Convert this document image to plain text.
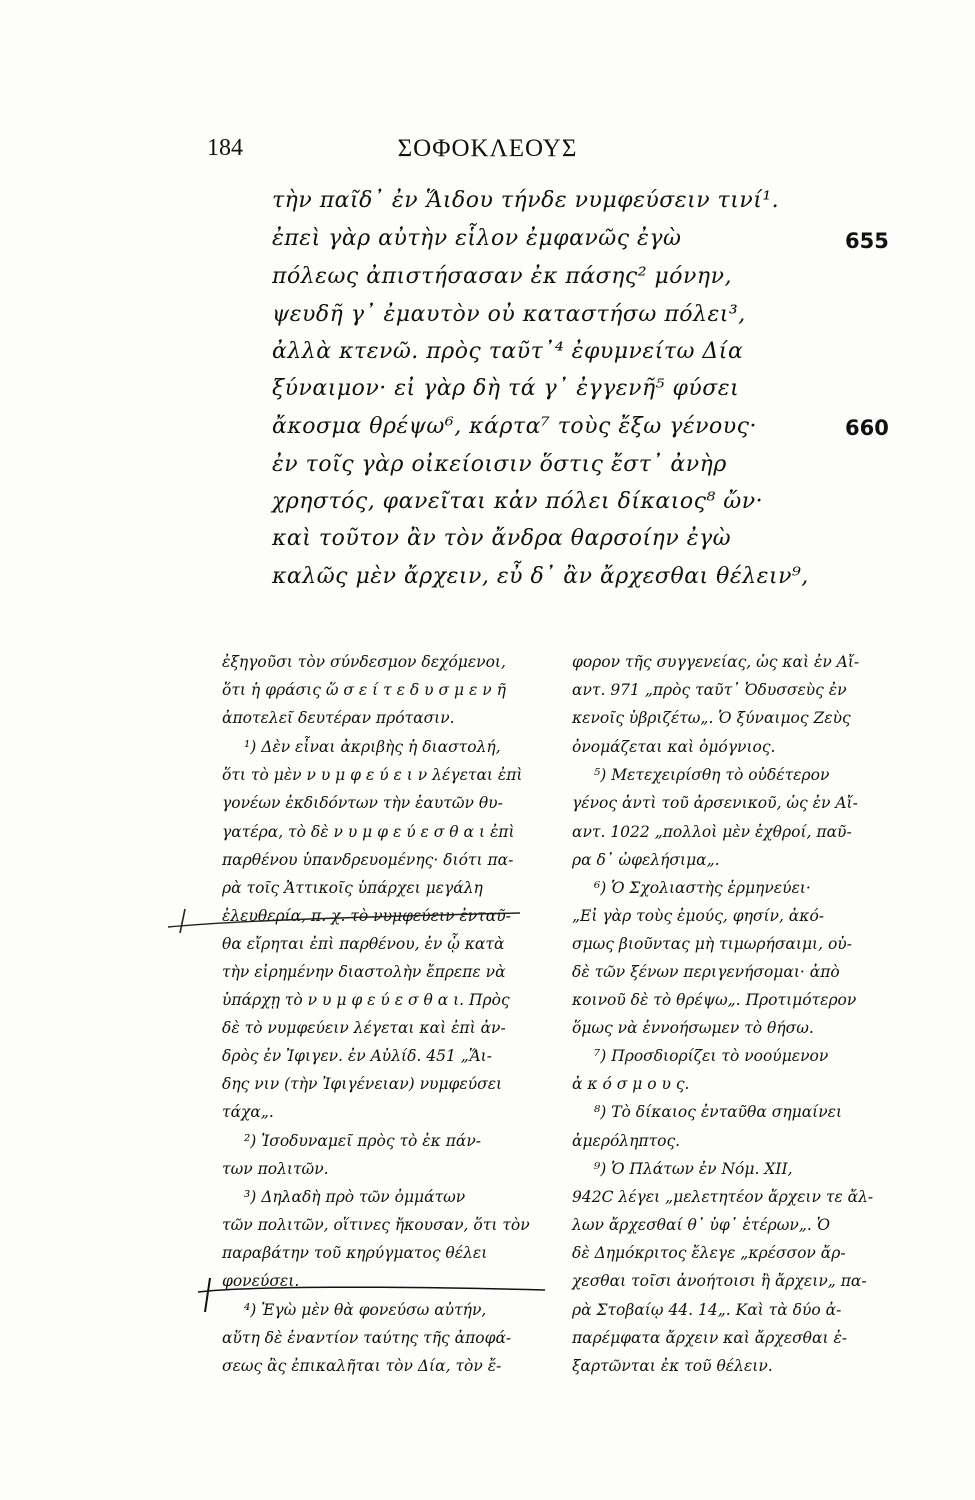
184	ΣΟΦΟΚΛΕΟΥΣ
τὴν παῖδ᾿ ἐν Ἅιδου τήνδε νυμφεύσειν τινί¹.
ἐπεὶ γὰρ αὐτὴν εἷλον ἐμφανῶς ἐγὼ
πόλεως ἀπιστήσασαν ἐκ πάσης² μόνην,
ψευδῆ γ᾿ ἐμαυτὸν οὐ καταστήσω πόλει³,
ἀλλὰ κτενῶ. πρὸς ταῦτ᾿⁴ ἐφυμνείτω Δία
ξύναιμον· εἰ γὰρ δὴ τά γ᾿ ἐγγενῆ⁵ φύσει
ἄκοσμα θρέψω⁶, κάρτα⁷ τοὺς ἔξω γένους·
ἐν τοῖς γὰρ οἰκείοισιν ὅστις ἔστ᾿ ἀνὴρ
χρηστός, φανεῖται κἀν πόλει δίκαιος⁸ ὤν·
καὶ τοῦτον ἂν τὸν ἄνδρα θαρσοίην ἐγὼ
καλῶς μὲν ἄρχειν, εὖ δ᾿ ἂν ἄρχεσθαι θέλειν⁹,
655
660
ἐξηγοῦσι τὸν σύνδεσμον δεχόμενοι,
ὅτι ἡ φράσις ὥ σ ε ί τ ε δ υ σ μ ε ν ῆ
ἀποτελεῖ δευτέραν πρότασιν.
¹) Δὲν εἶναι ἀκριβὴς ἡ διαστολή,
ὅτι τὸ μὲν ν υ μ φ ε ύ ε ι ν λέγεται ἐπὶ
γονέων ἐκδιδόντων τὴν ἑαυτῶν θυ-
γατέρα, τὸ δὲ ν υ μ φ ε ύ ε σ θ α ι ἐπὶ
παρθένου ὑπανδρευομένης· διότι πα-
ρὰ τοῖς Ἀττικοῖς ὑπάρχει μεγάλη
ἐλευθερία, π. χ. τὸ νυμφεύειν ἐνταῦ-
θα εἴρηται ἐπὶ παρθένου, ἐν ᾧ κατὰ
τὴν εἰρημένην διαστολὴν ἔπρεπε νὰ
ὑπάρχῃ τὸ ν υ μ φ ε ύ ε σ θ α ι. Πρὸς
δὲ τὸ νυμφεύειν λέγεται καὶ ἐπὶ ἀν-
δρὸς ἐν Ἰφιγεν. ἐν Αὐλίδ. 451 „Ἅι-
δης νιν (τὴν Ἰφιγένειαν) νυμφεύσει
τάχα„.
²) Ἰσοδυναμεῖ πρὸς τὸ ἐκ πάν-
των πολιτῶν.
³) Δηλαδὴ πρὸ τῶν ὀμμάτων
τῶν πολιτῶν, οἵτινες ἤκουσαν, ὅτι τὸν
παραβάτην τοῦ κηρύγματος θέλει
φονεύσει.
⁴) Ἐγὼ μὲν θὰ φονεύσω αὐτήν,
αὕτη δὲ ἐναντίον ταύτης τῆς ἀποφά-
σεως ἂς ἐπικαλῆται τὸν Δία, τὸν ἔ-
φορον τῆς συγγενείας, ὡς καὶ ἐν Αἴ-
αντ. 971 „πρὸς ταῦτ᾿ Ὀδυσσεὺς ἐν
κενοῖς ὑβριζέτω„. Ὁ ξύναιμος Ζεὺς
ὀνομάζεται καὶ ὁμόγνιος.
⁵) Μετεχειρίσθη τὸ οὐδέτερον
γένος ἀντὶ τοῦ ἀρσενικοῦ, ὡς ἐν Αἴ-
αντ. 1022 „πολλοὶ μὲν ἐχθροί, παῦ-
ρα δ᾿ ὠφελήσιμα„.
⁶) Ὁ Σχολιαστὴς ἑρμηνεύει·
„Εἰ γὰρ τοὺς ἐμούς, φησίν, ἀκό-
σμως βιοῦντας μὴ τιμωρήσαιμι, οὐ-
δὲ τῶν ξένων περιγενήσομαι· ἀπὸ
κοινοῦ δὲ τὸ θρέψω„. Προτιμότερον
ὅμως νὰ ἐννοήσωμεν τὸ θήσω.
⁷) Προσδιορίζει τὸ νοούμενον
ἀ κ ό σ μ ο υ ς.
⁸) Τὸ δίκαιος ἐνταῦθα σημαίνει
ἀμερόληπτος.
⁹) Ὁ Πλάτων ἐν Νόμ. XII,
942C λέγει „μελετητέον ἄρχειν τε ἄλ-
λων ἄρχεσθαί θ᾿ ὑφ᾿ ἑτέρων„. Ὁ
δὲ Δημόκριτος ἔλεγε „κρέσσον ἄρ-
χεσθαι τοῖσι ἀνοήτοισι ἢ ἄρχειν„ πα-
ρὰ Στοβαίῳ 44. 14„. Καὶ τὰ δύο ἀ-
παρέμφατα ἄρχειν καὶ ἄρχεσθαι ἐ-
ξαρτῶνται ἐκ τοῦ θέλειν.
